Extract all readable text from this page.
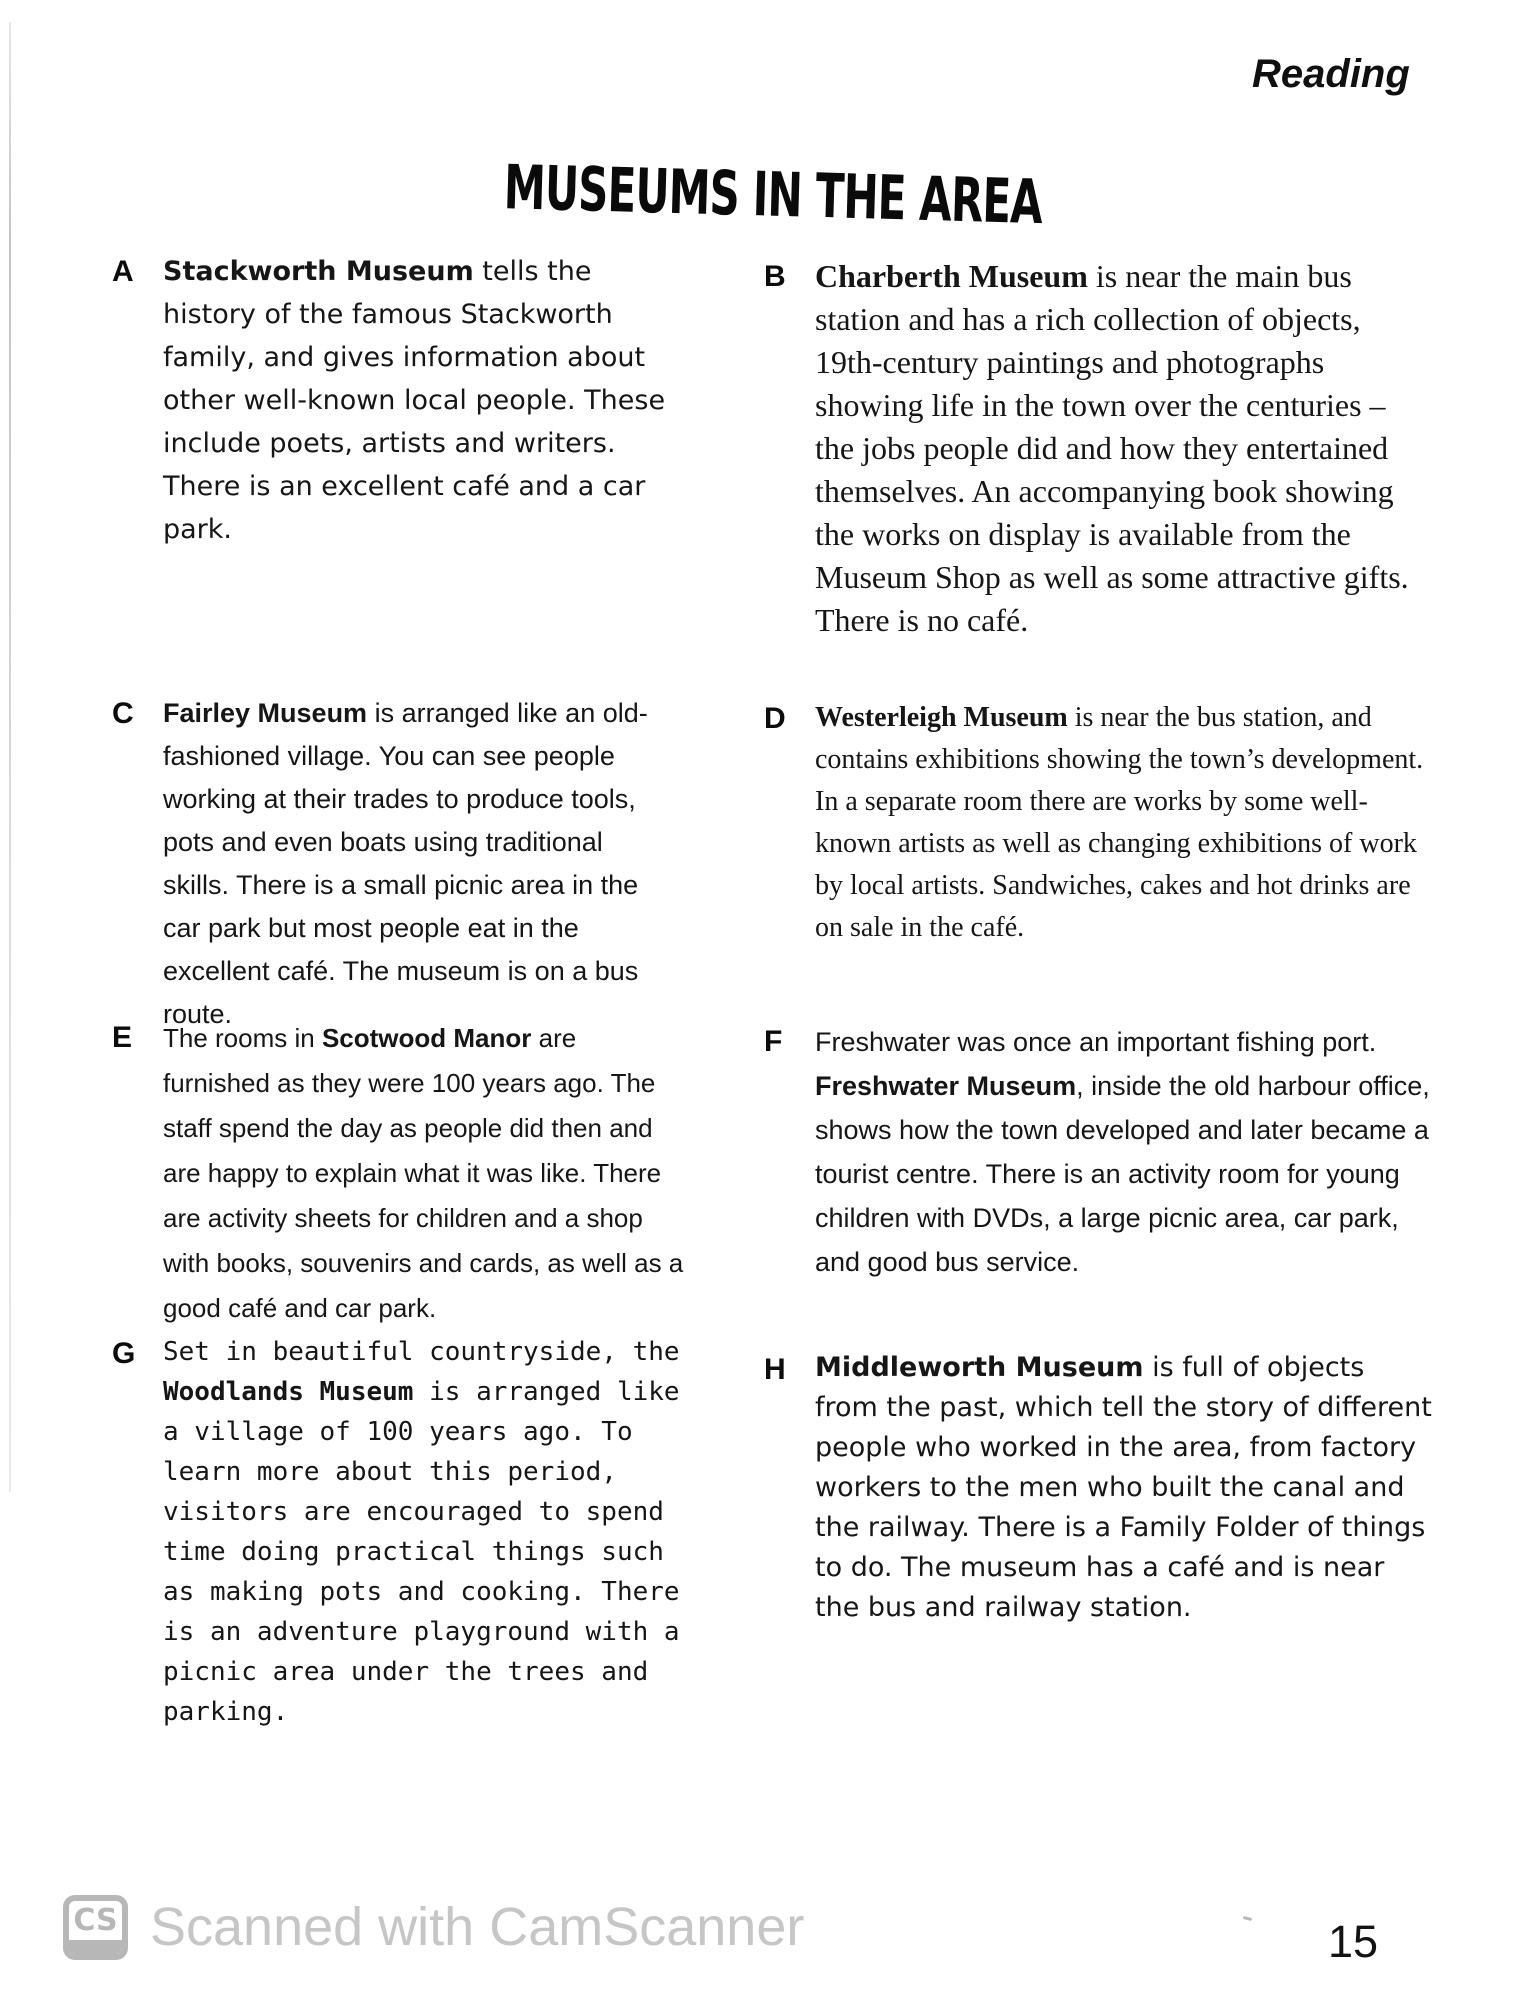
Reading
MUSEUMS IN THE AREA
A	Stackworth Museum tells the history of the famous Stackworth family, and gives information about other well-known local people. These include poets, artists and writers. There is an excellent café and a car park.
B Charberth Museum is near the main bus station and has a rich collection of objects, 19th-century paintings and photographs showing life in the town over the centuries – the jobs people did and how they entertained themselves. An accompanying book showing the works on display is available from the Museum Shop as well as some attractive gifts. There is no café.
C	Fairley Museum is arranged like an old-fashioned village. You can see people working at their trades to produce tools, pots and even boats using traditional skills. There is a small picnic area in the car park but most people eat in the excellent café. The museum is on a bus route.
D	Westerleigh Museum is near the bus station, and contains exhibitions showing the town’s development. In a separate room there are works by some well-known artists as well as changing exhibitions of work by local artists. Sandwiches, cakes and hot drinks are on sale in the café.
E	The rooms in Scotwood Manor are furnished as they were 100 years ago. The staff spend the day as people did then and are happy to explain what it was like. There are activity sheets for children and a shop with books, souvenirs and cards, as well as a good café and car park.
F	Freshwater was once an important fishing port. Freshwater Museum, inside the old harbour office, shows how the town developed and later became a tourist centre. There is an activity room for young children with DVDs, a large picnic area, car park, and good bus service.
G	Set in beautiful countryside, the Woodlands Museum is arranged like a village of 100 years ago. To learn more about this period, visitors are encouraged to spend time doing practical things such as making pots and cooking. There is an adventure playground with a picnic area under the trees and parking.
H	Middleworth Museum is full of objects from the past, which tell the story of different people who worked in the area, from factory workers to the men who built the canal and the railway. There is a Family Folder of things to do. The museum has a café and is near the bus and railway station.
CS Scanned with CamScanner	15
